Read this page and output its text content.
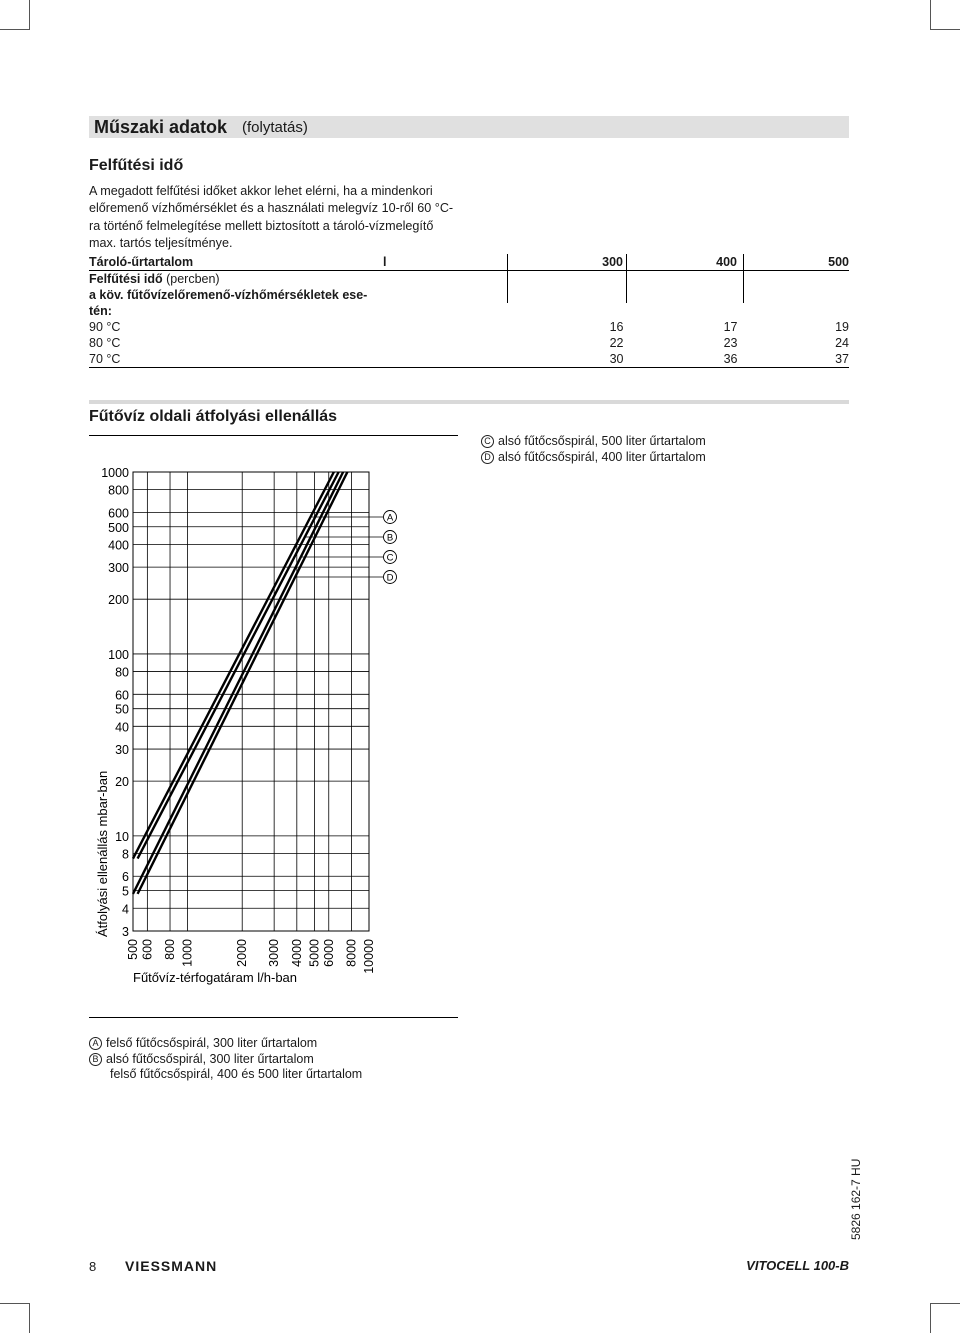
Műszaki adatok (folytatás)
Felfűtési idő
A megadott felfűtési időket akkor lehet elérni, ha a mindenkori
előremenő vízhőmérséklet és a használati melegvíz 10-ről 60 °C-
ra történő felmelegítése mellett biztosított a tároló-vízmelegítő
max. tartós teljesítménye.
Tároló-űrtartalom l	300	400	500
Felfűtési idő (percben)			
a köv. fűtővízelőremenő-vízhőmérsékletek ese-			
tén:			
90 °C	16	17	19
80 °C	22	23	24
70 °C	30	36	37
Fűtővíz oldali átfolyási ellenállás
C alsó fűtőcsőspirál, 500 liter űrtartalom
D alsó fűtőcsőspirál, 400 liter űrtartalom
1000
800
600
500
400
300
200
100
80
60
50
40
30
20
10
8
6
5
4
3
500 600 800 1000	2000 3000 4000 5000 6000 8000 10000
A
B
C
D
Átfolyási ellenállás mbar-ban
Fűtővíz-térfogatáram l/h-ban
A felső fűtőcsőspirál, 300 liter űrtartalom
B alsó fűtőcsőspirál, 300 liter űrtartalom
felső fűtőcsőspirál, 400 és 500 liter űrtartalom
8 VIESSMANN	VITOCELL 100-B
5826 162-7 HU
